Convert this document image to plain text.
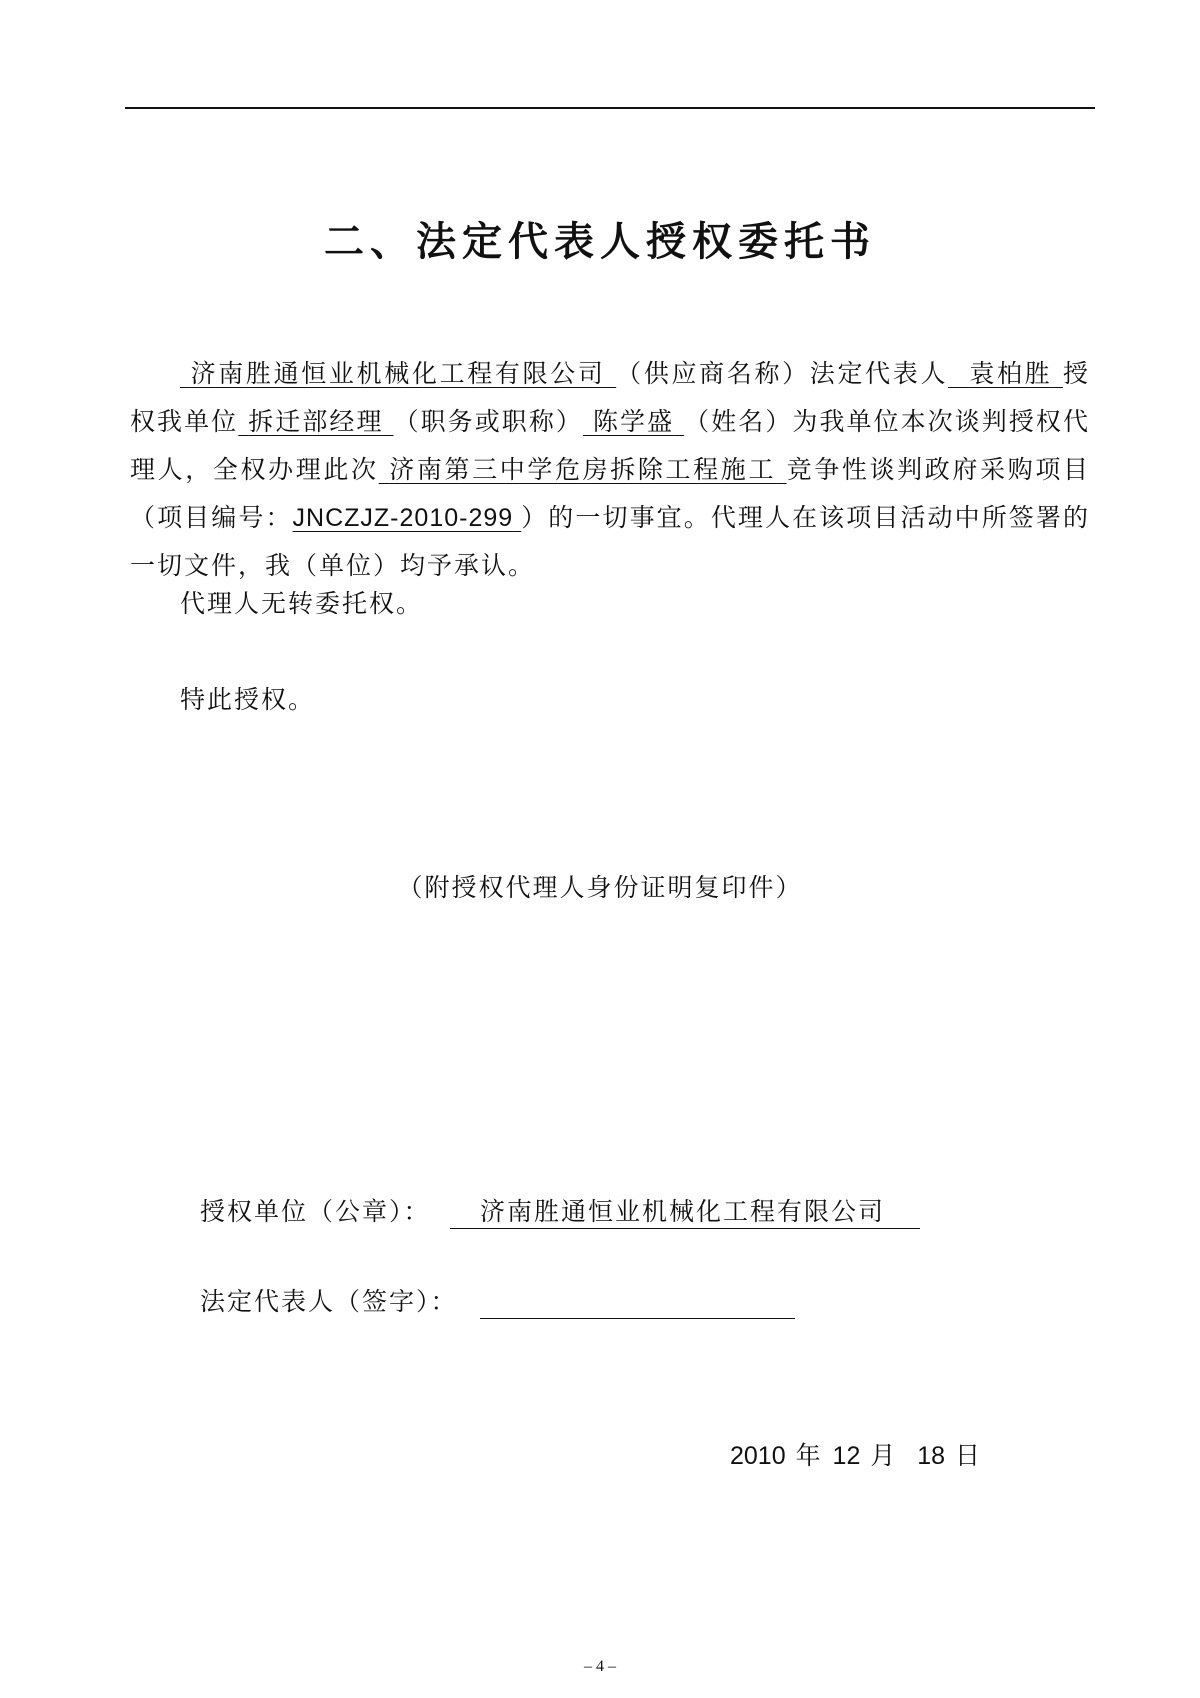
二、法定代表人授权委托书

济南胜通恒业机械化工程有限公司 （供应商名称）法定代表人 袁柏胜 授权我单位 拆迁部经理 （职务或职称） 陈学盛 （姓名）为我单位本次谈判授权代理人，全权办理此次 济南第三中学危房拆除工程施工 竞争性谈判政府采购项目（项目编号：JNCZJZ-2010-299 ）的一切事宜。代理人在该项目活动中所签署的一切文件，我（单位）均予承认。

代理人无转委托权。
特此授权。
（附授权代理人身份证明复印件）
授权单位（公章）：	济南胜通恒业机械化工程有限公司
法定代表人（签字）：
2010 年 12 月 18 日
– 4 –
